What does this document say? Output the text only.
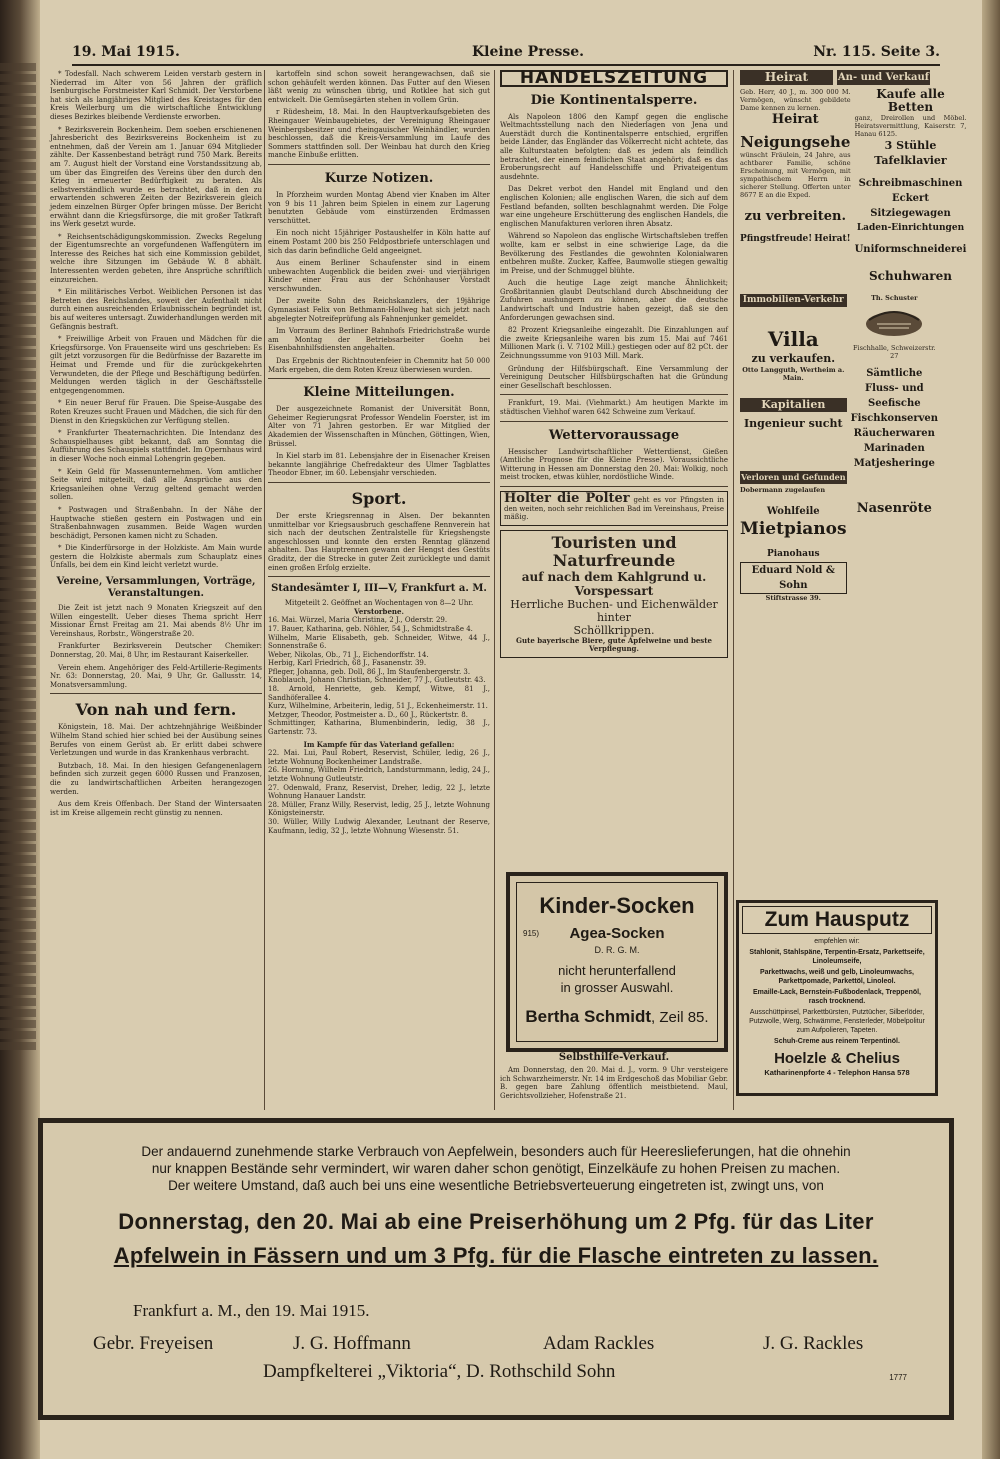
19. Mai 1915.	Kleine Presse.	Nr. 115. Seite 3.

* Todesfall. Nach schwerem Leiden verstarb gestern in Niederrad im Alter von 56 Jahren der gräflich Isenburgische Forstmeister Karl Schmidt. Der Verstorbene hat sich als langjähriges Mitglied des Kreistages für den Kreis Weilerburg um die wirtschaftliche Entwicklung dieses Bezirkes bleibende Verdienste erworben.

* Bezirksverein Bockenheim. Dem soeben erschienenen Jahresbericht des Bezirksvereins Bockenheim ist zu entnehmen, daß der Verein am 1. Januar 694 Mitglieder zählte. Der Kassenbestand beträgt rund 750 Mark. Bereits am 7. August hielt der Vorstand eine Vorstandssitzung ab, um über das Eingreifen des Vereins über den durch den Krieg in erneuerter Bedürftigkeit zu beraten. Als selbstverständlich wurde es betrachtet, daß in den zu erwartenden schweren Zeiten der Bezirksverein gleich jedem einzelnen Bürger Opfer bringen müsse. Der Bericht erwähnt dann die Kriegsfürsorge, die mit großer Tatkraft ins Werk gesetzt wurde.

* Reichsentschädigungskommission. Zwecks Regelung der Eigentumsrechte an vorgefundenen Waffengütern im Interesse des Reiches hat sich eine Kommission gebildet, welche ihre Sitzungen im Gebäude W. 8 abhält. Interessenten werden gebeten, ihre Ansprüche schriftlich einzureichen.

* Ein militärisches Verbot. Weiblichen Personen ist das Betreten des Reichslandes, soweit der Aufenthalt nicht durch einen ausreichenden Erlaubnisschein begründet ist, bis auf weiteres untersagt. Zuwiderhandlungen werden mit Gefängnis bestraft.

* Freiwillige Arbeit von Frauen und Mädchen für die Kriegsfürsorge. Von Frauenseite wird uns geschrieben: Es gilt jetzt vorzusorgen für die Bedürfnisse der Bazarette im Heimat und Fremde und für die zurückgekehrten Verwundeten, die der Pflege und Beschäftigung bedürfen. Meldungen werden täglich in der Geschäftsstelle entgegengenommen.

* Ein neuer Beruf für Frauen. Die Speise-Ausgabe des Roten Kreuzes sucht Frauen und Mädchen, die sich für den Dienst in den Kriegsküchen zur Verfügung stellen.

* Frankfurter Theaternachrichten. Die Intendanz des Schauspielhauses gibt bekannt, daß am Sonntag die Aufführung des Schauspiels stattfindet. Im Opernhaus wird in dieser Woche noch einmal Lohengrin gegeben.

* Kein Geld für Massenunternehmen. Vom amtlicher Seite wird mitgeteilt, daß alle Ansprüche aus den Kriegsanleihen ohne Verzug geltend gemacht werden sollen.

* Postwagen und Straßenbahn. In der Nähe der Hauptwache stießen gestern ein Postwagen und ein Straßenbahnwagen zusammen. Beide Wagen wurden beschädigt, Personen kamen nicht zu Schaden.

* Die Kinderfürsorge in der Holzkiste. Am Main wurde gestern die Holzkiste abermals zum Schauplatz eines Unfalls, bei dem ein Kind leicht verletzt wurde.

Vereine, Versammlungen, Vorträge, Veranstaltungen.

Die Zeit ist jetzt nach 9 Monaten Kriegszeit auf den Willen eingestellt. Ueber dieses Thema spricht Herr Missionar Ernst Freitag am 21. Mai abends 8½ Uhr im Vereinshaus, Rorbstr., Wöngerstraße 20.

Frankfurter Bezirksverein Deutscher Chemiker: Donnerstag, 20. Mai, 8 Uhr, im Restaurant Kaiserkeller.

Verein ehem. Angehöriger des Feld-Artillerie-Regiments Nr. 63: Donnerstag, 20. Mai, 9 Uhr, Gr. Gallusstr. 14, Monatsversammlung.

Von nah und fern.

Königstein, 18. Mai. Der achtzehnjährige Weißbinder Wilhelm Stand schied hier schied bei der Ausübung seines Berufes von einem Gerüst ab. Er erlitt dabei schwere Verletzungen und wurde in das Krankenhaus verbracht.

Butzbach, 18. Mai. In den hiesigen Gefangenenlagern befinden sich zurzeit gegen 6000 Russen und Franzosen, die zu landwirtschaftlichen Arbeiten herangezogen werden.

Aus dem Kreis Offenbach. Der Stand der Wintersaaten ist im Kreise allgemein recht günstig zu nennen.

kartoffeln sind schon soweit herangewachsen, daß sie schon gehäufelt werden können. Das Futter auf den Wiesen läßt wenig zu wünschen übrig, und Rotklee hat sich gut entwickelt. Die Gemüsegärten stehen in vollem Grün.

r Rüdesheim, 18. Mai. In den Hauptverkaufsgebieten des Rheingauer Weinbaugebietes, der Vereinigung Rheingauer Weinbergsbesitzer und rheingauischer Weinhändler, wurden beschlossen, daß die Kreis-Versammlung im Laufe des Sommers stattfinden soll. Der Weinbau hat durch den Krieg manche Einbuße erlitten.

Kurze Notizen.

In Pforzheim wurden Montag Abend vier Knaben im Alter von 9 bis 11 Jahren beim Spielen in einem zur Lagerung benutzten Gebäude vom einstürzenden Erdmassen verschüttet.

Ein noch nicht 15jähriger Postaushelfer in Köln hatte auf einem Postamt 200 bis 250 Feldpostbriefe unterschlagen und sich das darin befindliche Geld angeeignet.

Aus einem Berliner Schaufenster sind in einem unbewachten Augenblick die beiden zwei- und vierjährigen Kinder einer Frau aus der Schönhauser Vorstadt verschwunden.

Der zweite Sohn des Reichskanzlers, der 19jährige Gymnasiast Felix von Bethmann-Hollweg hat sich jetzt nach abgelegter Notreifeprüfung als Fahnenjunker gemeldet.

Im Vorraum des Berliner Bahnhofs Friedrichstraße wurde am Montag der Betriebsarbeiter Goehn bei Eisenbahnhilfsdiensten angehalten.

Das Ergebnis der Richtnoutenfeier in Chemnitz hat 50 000 Mark ergeben, die dem Roten Kreuz überwiesen wurden.

Kleine Mitteilungen.

Der ausgezeichnete Romanist der Universität Bonn, Geheimer Regierungsrat Professor Wendelin Foerster, ist im Alter von 71 Jahren gestorben. Er war Mitglied der Akademien der Wissenschaften in München, Göttingen, Wien, Brüssel.

In Kiel starb im 81. Lebensjahre der in Eisenacher Kreisen bekannte langjährige Chefredakteur des Ulmer Tagblattes Theodor Ebner, im 60. Lebensjahr verschieden.

Sport.

Der erste Kriegsrennag in Alsen. Der bekannten unmittelbar vor Kriegsausbruch geschaffene Rennverein hat sich nach der deutschen Zentralstelle für Kriegshengste angeschlossen und konnte den ersten Renntag glänzend abhalten. Das Hauptrennen gewann der Hengst des Gestüts Graditz, der die Strecke in guter Zeit zurücklegte und damit einen großen Erfolg erzielte.

Standesämter I, III—V, Frankfurt a. M.
Mitgeteilt 2. Geöffnet an Wochentagen von 8—2 Uhr.
Verstorbene.
16. Mai. Würzel, Maria Christina, 2 J., Oderstr. 29.
17. Bauer, Katharina, geb. Nöhler, 54 J., Schmidtstraße 4.
Wilhelm, Marie Elisabeth, geb. Schneider, Witwe, 44 J., Sonnenstraße 6.
Weber, Nikolas, Ob., 71 J., Eichendorffstr. 14.
Herbig, Karl Friedrich, 68 J., Fasanenstr. 39.
Pfleger, Johanna, geb. Doll, 86 J., Im Staufenbergerstr. 3.
Knoblauch, Johann Christian, Schneider, 77 J., Gutleutstr. 43.
18. Arnold, Henriette, geb. Kempf, Witwe, 81 J., Sandhöferallee 4.
Kurz, Wilhelmine, Arbeiterin, ledig, 51 J., Eckenheimerstr. 11.
Metzger, Theodor, Postmeister a. D., 60 J., Rückertstr. 8.
Schmittinger, Katharina, Blumenbinderin, ledig, 38 J., Gartenstr. 73.
Im Kampfe für das Vaterland gefallen:
22. Mai. Lui, Paul Robert, Reservist, Schüler, ledig, 26 J., letzte Wohnung Bockenheimer Landstraße.
26. Hornung, Wilhelm Friedrich, Landsturmmann, ledig, 24 J., letzte Wohnung Gutleutstr.
27. Odenwald, Franz, Reservist, Dreher, ledig, 22 J., letzte Wohnung Hanauer Landstr.
28. Müller, Franz Willy, Reservist, ledig, 25 J., letzte Wohnung Königsteinerstr.
30. Wüller, Willy Ludwig Alexander, Leutnant der Reserve, Kaufmann, ledig, 32 J., letzte Wohnung Wiesenstr. 51.
HANDELSZEITUNG
Die Kontinentalsperre.

Als Napoleon 1806 den Kampf gegen die englische Weltmachtsstellung nach den Niederlagen von Jena und Auerstädt durch die Kontinentalsperre entschied, ergriffen beide Länder, das Engländer das Völkerrecht nicht achtete, das alle Kulturstaaten befolgten: daß es jedem als feindlich betrachtet, der einem feindlichen Staat angehört; daß es das Eroberungsrecht auf Handelsschiffe und Privateigentum ausdehnte.

Das Dekret verbot den Handel mit England und den englischen Kolonien; alle englischen Waren, die sich auf dem Festland befanden, sollten beschlagnahmt werden. Die Folge war eine ungeheure Erschütterung des englischen Handels, die englischen Manufakturen verloren ihren Absatz.

Während so Napoleon das englische Wirtschaftsleben treffen wollte, kam er selbst in eine schwierige Lage, da die Bevölkerung des Festlandes die gewohnten Kolonialwaren entbehren mußte. Zucker, Kaffee, Baumwolle stiegen gewaltig im Preise, und der Schmuggel blühte.

Auch die heutige Lage zeigt manche Ähnlichkeit; Großbritannien glaubt Deutschland durch Abschneidung der Zufuhren aushungern zu können, aber die deutsche Landwirtschaft und Industrie haben gezeigt, daß sie den Anforderungen gewachsen sind.

82 Prozent Kriegsanleihe eingezahlt. Die Einzahlungen auf die zweite Kriegsanleihe waren bis zum 15. Mai auf 7461 Millionen Mark (i. V. 7102 Mill.) gestiegen oder auf 82 pCt. der Zeichnungssumme von 9103 Mill. Mark.

Gründung der Hilfsbürgschaft. Eine Versammlung der Vereinigung Deutscher Hilfsbürgschaften hat die Gründung einer Gesellschaft beschlossen.

Frankfurt, 19. Mai. (Viehmarkt.) Am heutigen Markte im städtischen Viehhof waren 642 Schweine zum Verkauf.

Wettervoraussage

Hessischer Landwirtschaftlicher Wetterdienst, Gießen (Amtliche Prognose für die Kleine Presse). Voraussichtliche Witterung in Hessen am Donnerstag den 20. Mai: Wolkig, noch meist trocken, etwas kühler, nordöstliche Winde.

Holter die Polter geht es vor Pfingsten in den weiten, noch sehr reichlichen Bad im Vereinshaus, Preise mäßig.
Touristen und Naturfreunde
auf nach dem Kahlgrund u. Vorspessart
Herrliche Buchen- und Eichenwälder hinter
Schöllkrippen.
Gute bayerische Biere, gute Apfelweine und beste Verpflegung.
Kinder-Socken
915)	Agea-Socken
D. R. G. M.
nicht herunterfallend
in grosser Auswahl.
Bertha Schmidt, Zeil 85.
Selbsthilfe-Verkauf.

Am Donnerstag, den 20. Mai d. J., vorm. 9 Uhr versteigere ich Schwarzheimerstr. Nr. 14 im Erdgeschoß das Mobiliar Gebr. B. gegen bare Zahlung öffentlich meistbietend. Maul, Gerichtsvollzieher, Hofenstraße 21.

Heirat	An- und Verkauf
Geb. Herr, 40 J., m. 300 000 M. Vermögen, wünscht gebildete Dame kennen zu lernen.
Heirat
Neigungsehe
wünscht Fräulein, 24 Jahre, aus achtbarer Familie, schöne Erscheinung, mit Vermögen, mit sympathischem Herrn in sicherer Stellung. Offerten unter 8677 E an die Exped.
zu verbreiten.
Pfingstfreude! Heirat!
Kaufe alle Betten
ganz, Dreirollen und Möbel. Heiratsvermittlung, Kaiserstr. 7, Hanau 6125.
3 Stühle
Tafelklavier
Schreibmaschinen
Eckert
Sitziegewagen
Laden-Einrichtungen
Uniformschneiderei
Schuhwaren
Immobilien-Verkehr
Villa
zu verkaufen.
Otto Langguth, Wertheim a. Main.
Kapitalien
Ingenieur sucht
Verloren und Gefunden
Dobermann zugelaufen
Wohlfeile
Mietpianos
Pianohaus
Eduard Nold & Sohn
Stiftstrasse 39.
Th. Schuster
Fischhalle, Schweizerstr. 27
Sämtliche Fluss- und Seefische
Fischkonserven
Räucherwaren
Marinaden
Matjesheringe
Nasenröte
Zum Hausputz
empfehlen wir:
Stahlonit, Stahlspäne, Terpentin-Ersatz, Parkettseife, Linoleumseife,
Parkettwachs, weiß und gelb, Linoleumwachs, Parkettpomade, Parkettöl, Linoleol.
Emaille-Lack, Bernstein-Fußbodenlack, Treppenöl, rasch trocknend.
Ausschüttpinsel, Parkettbürsten, Putztücher, Silberlöder, Putzwolle, Werg, Schwämme, Fensterleder, Möbelpolitur zum Aufpolieren, Tapeten.
Schuh-Creme aus reinem Terpentinöl.
Hoelzle & Chelius
Katharinenpforte 4 - Telephon Hansa 578
Der andauernd zunehmende starke Verbrauch von Aepfelwein, besonders auch für Heereslieferungen, hat die ohnehin
nur knappen Bestände sehr vermindert, wir waren daher schon genötigt, Einzelkäufe zu hohen Preisen zu machen.
Der weitere Umstand, daß auch bei uns eine wesentliche Betriebsverteuerung eingetreten ist, zwingt uns, von
Donnerstag, den 20. Mai ab eine Preiserhöhung um 2 Pfg. für das Liter
Apfelwein in Fässern und um 3 Pfg. für die Flasche eintreten zu lassen.
Frankfurt a. M., den 19. Mai 1915.
Gebr. Freyeisen	J. G. Hoffmann	Adam Rackles	J. G. Rackles
Dampfkelterei „Viktoria“, D. Rothschild Sohn	1777
